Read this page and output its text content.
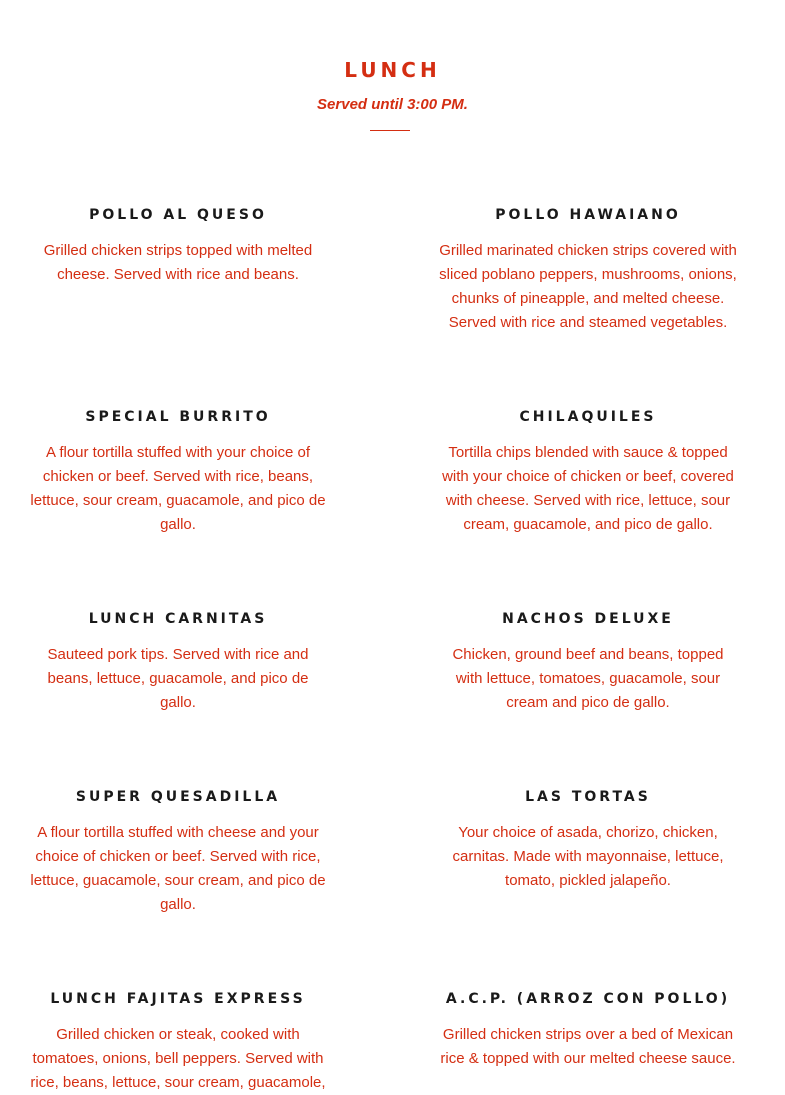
LUNCH
Served until 3:00 PM.
POLLO AL QUESO
Grilled chicken strips topped with melted cheese. Served with rice and beans.
POLLO HAWAIANO
Grilled marinated chicken strips covered with sliced poblano peppers, mushrooms, onions, chunks of pineapple, and melted cheese. Served with rice and steamed vegetables.
SPECIAL BURRITO
A flour tortilla stuffed with your choice of chicken or beef. Served with rice, beans, lettuce, sour cream, guacamole, and pico de gallo.
CHILAQUILES
Tortilla chips blended with sauce & topped with your choice of chicken or beef, covered with cheese. Served with rice, lettuce, sour cream, guacamole, and pico de gallo.
LUNCH CARNITAS
Sauteed pork tips. Served with rice and beans, lettuce, guacamole, and pico de gallo.
NACHOS DELUXE
Chicken, ground beef and beans, topped with lettuce, tomatoes, guacamole, sour cream and pico de gallo.
SUPER QUESADILLA
A flour tortilla stuffed with cheese and your choice of chicken or beef. Served with rice, lettuce, guacamole, sour cream, and pico de gallo.
LAS TORTAS
Your choice of asada, chorizo, chicken, carnitas. Made with mayonnaise, lettuce, tomato, pickled jalapeño.
LUNCH FAJITAS EXPRESS
Grilled chicken or steak, cooked with tomatoes, onions, bell peppers. Served with rice, beans, lettuce, sour cream, guacamole,
A.C.P. (ARROZ CON POLLO)
Grilled chicken strips over a bed of Mexican rice & topped with our melted cheese sauce.
